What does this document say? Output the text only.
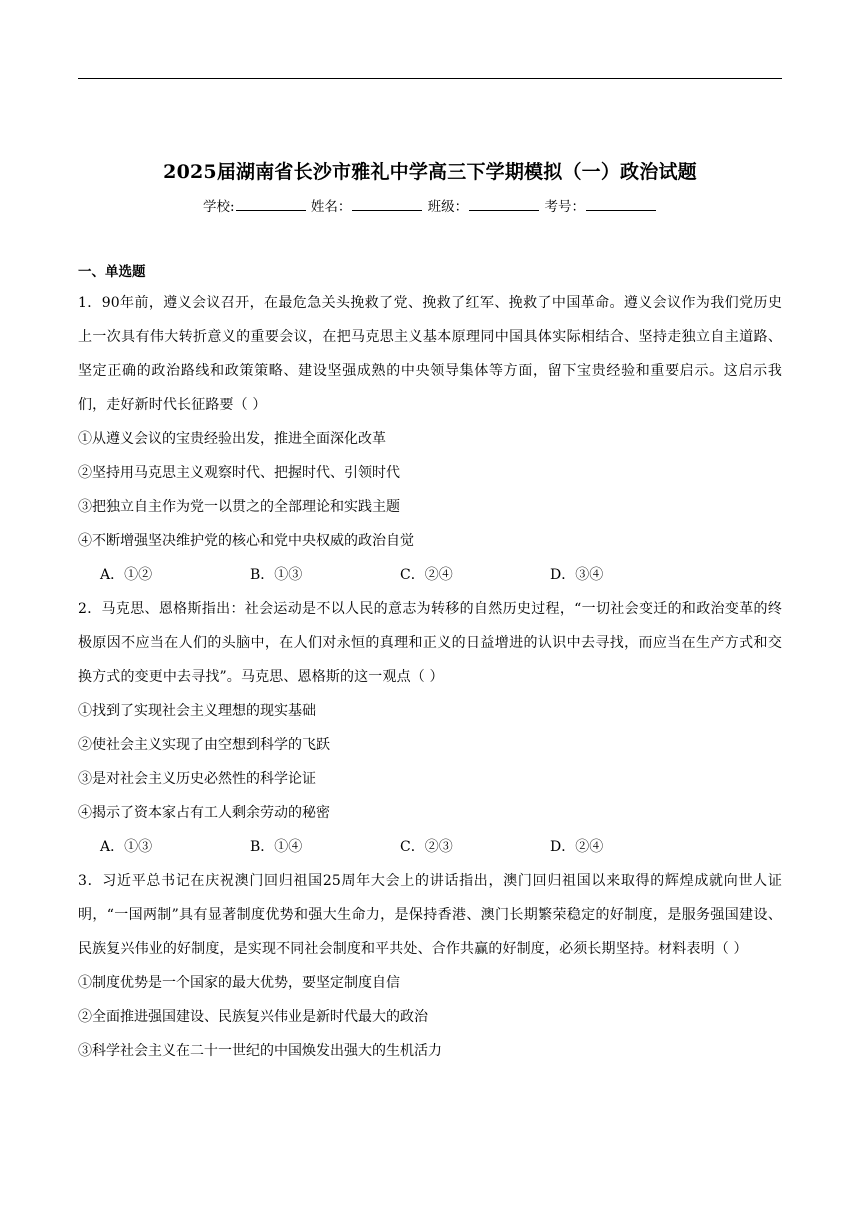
2025届湖南省长沙市雅礼中学高三下学期模拟（一）政治试题
学校:	姓名：	班级：	考号：
一、单选题

1．90年前，遵义会议召开，在最危急关头挽救了党、挽救了红军、挽救了中国革命。遵义会议作为我们党历史上一次具有伟大转折意义的重要会议，在把马克思主义基本原理同中国具体实际相结合、坚持走独立自主道路、坚定正确的政治路线和政策策略、建设坚强成熟的中央领导集体等方面，留下宝贵经验和重要启示。这启示我们，走好新时代长征路要（ ）

①从遵义会议的宝贵经验出发，推进全面深化改革

②坚持用马克思主义观察时代、把握时代、引领时代

③把独立自主作为党一以贯之的全部理论和实践主题

④不断增强坚决维护党的核心和党中央权威的政治自觉

A．①②	B．①③	C．②④	D．③④

2．马克思、恩格斯指出：社会运动是不以人民的意志为转移的自然历史过程，“一切社会变迁的和政治变革的终极原因不应当在人们的头脑中，在人们对永恒的真理和正义的日益增进的认识中去寻找，而应当在生产方式和交换方式的变更中去寻找”。马克思、恩格斯的这一观点（ ）

①找到了实现社会主义理想的现实基础

②使社会主义实现了由空想到科学的飞跃

③是对社会主义历史必然性的科学论证

④揭示了资本家占有工人剩余劳动的秘密

A．①③	B．①④	C．②③	D．②④

3．习近平总书记在庆祝澳门回归祖国25周年大会上的讲话指出，澳门回归祖国以来取得的辉煌成就向世人证明，“一国两制”具有显著制度优势和强大生命力，是保持香港、澳门长期繁荣稳定的好制度，是服务强国建设、民族复兴伟业的好制度，是实现不同社会制度和平共处、合作共赢的好制度，必须长期坚持。材料表明（ ）

①制度优势是一个国家的最大优势，要坚定制度自信

②全面推进强国建设、民族复兴伟业是新时代最大的政治

③科学社会主义在二十一世纪的中国焕发出强大的生机活力
